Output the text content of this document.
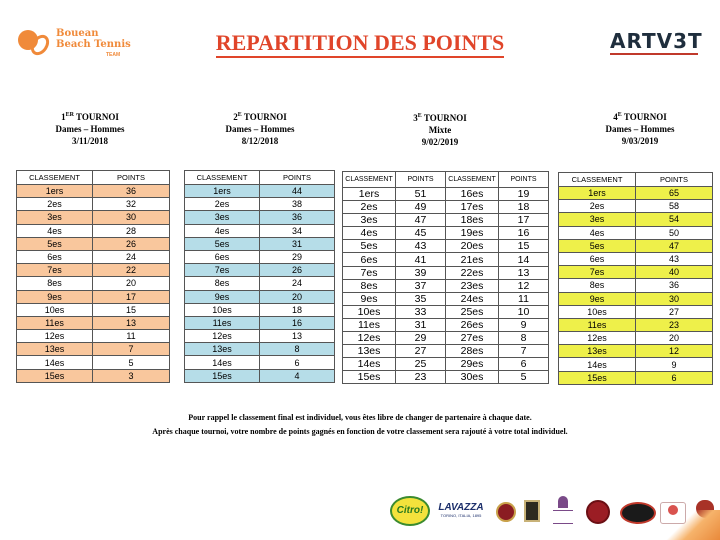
Bouean
Beach Tennis
TEAM	REPARTITION DES POINTS	ARTV3T
1ER TOURNOI
Dames – Hommes
3/11/2018
$2^E$ TOURNOI
Dames – Hommes
8/12/2018
$3^E$ TOURNOI
Mixte
9/02/2019
$4^E$ TOURNOI
Dames – Hommes
9/03/2019
CLASSEMENT	POINTS
1ers	36
2es	32
3es	30
4es	28
5es	26
6es	24
7es	22
8es	20
9es	17
10es	15
11es	13
12es	11
13es	7
14es	5
15es	3
CLASSEMENT	POINTS
1ers	44
2es	38
3es	36
4es	34
5es	31
6es	29
7es	26
8es	24
9es	20
10es	18
11es	16
12es	13
13es	8
14es	6
15es	4
CLASSEMENT	POINTS	CLASSEMENT	POINTS
1ers	51	16es	19
2es	49	17es	18
3es	47	18es	17
4es	45	19es	16
5es	43	20es	15
6es	41	21es	14
7es	39	22es	13
8es	37	23es	12
9es	35	24es	11
10es	33	25es	10
11es	31	26es	9
12es	29	27es	8
13es	27	28es	7
14es	25	29es	6
15es	23	30es	5
CLASSEMENT	POINTS
1ers	65
2es	58
3es	54
4es	50
5es	47
6es	43
7es	40
8es	36
9es	30
10es	27
11es	23
12es	20
13es	12
14es	9
15es	6
Pour rappel le classement final est individuel, vous êtes libre de changer de partenaire à chaque date.
Après chaque tournoi, votre nombre de points gagnés en fonction de votre classement sera rajouté à votre total individuel.
Citro!	LAVAZZA
TORINO, ITALIA, 1895
